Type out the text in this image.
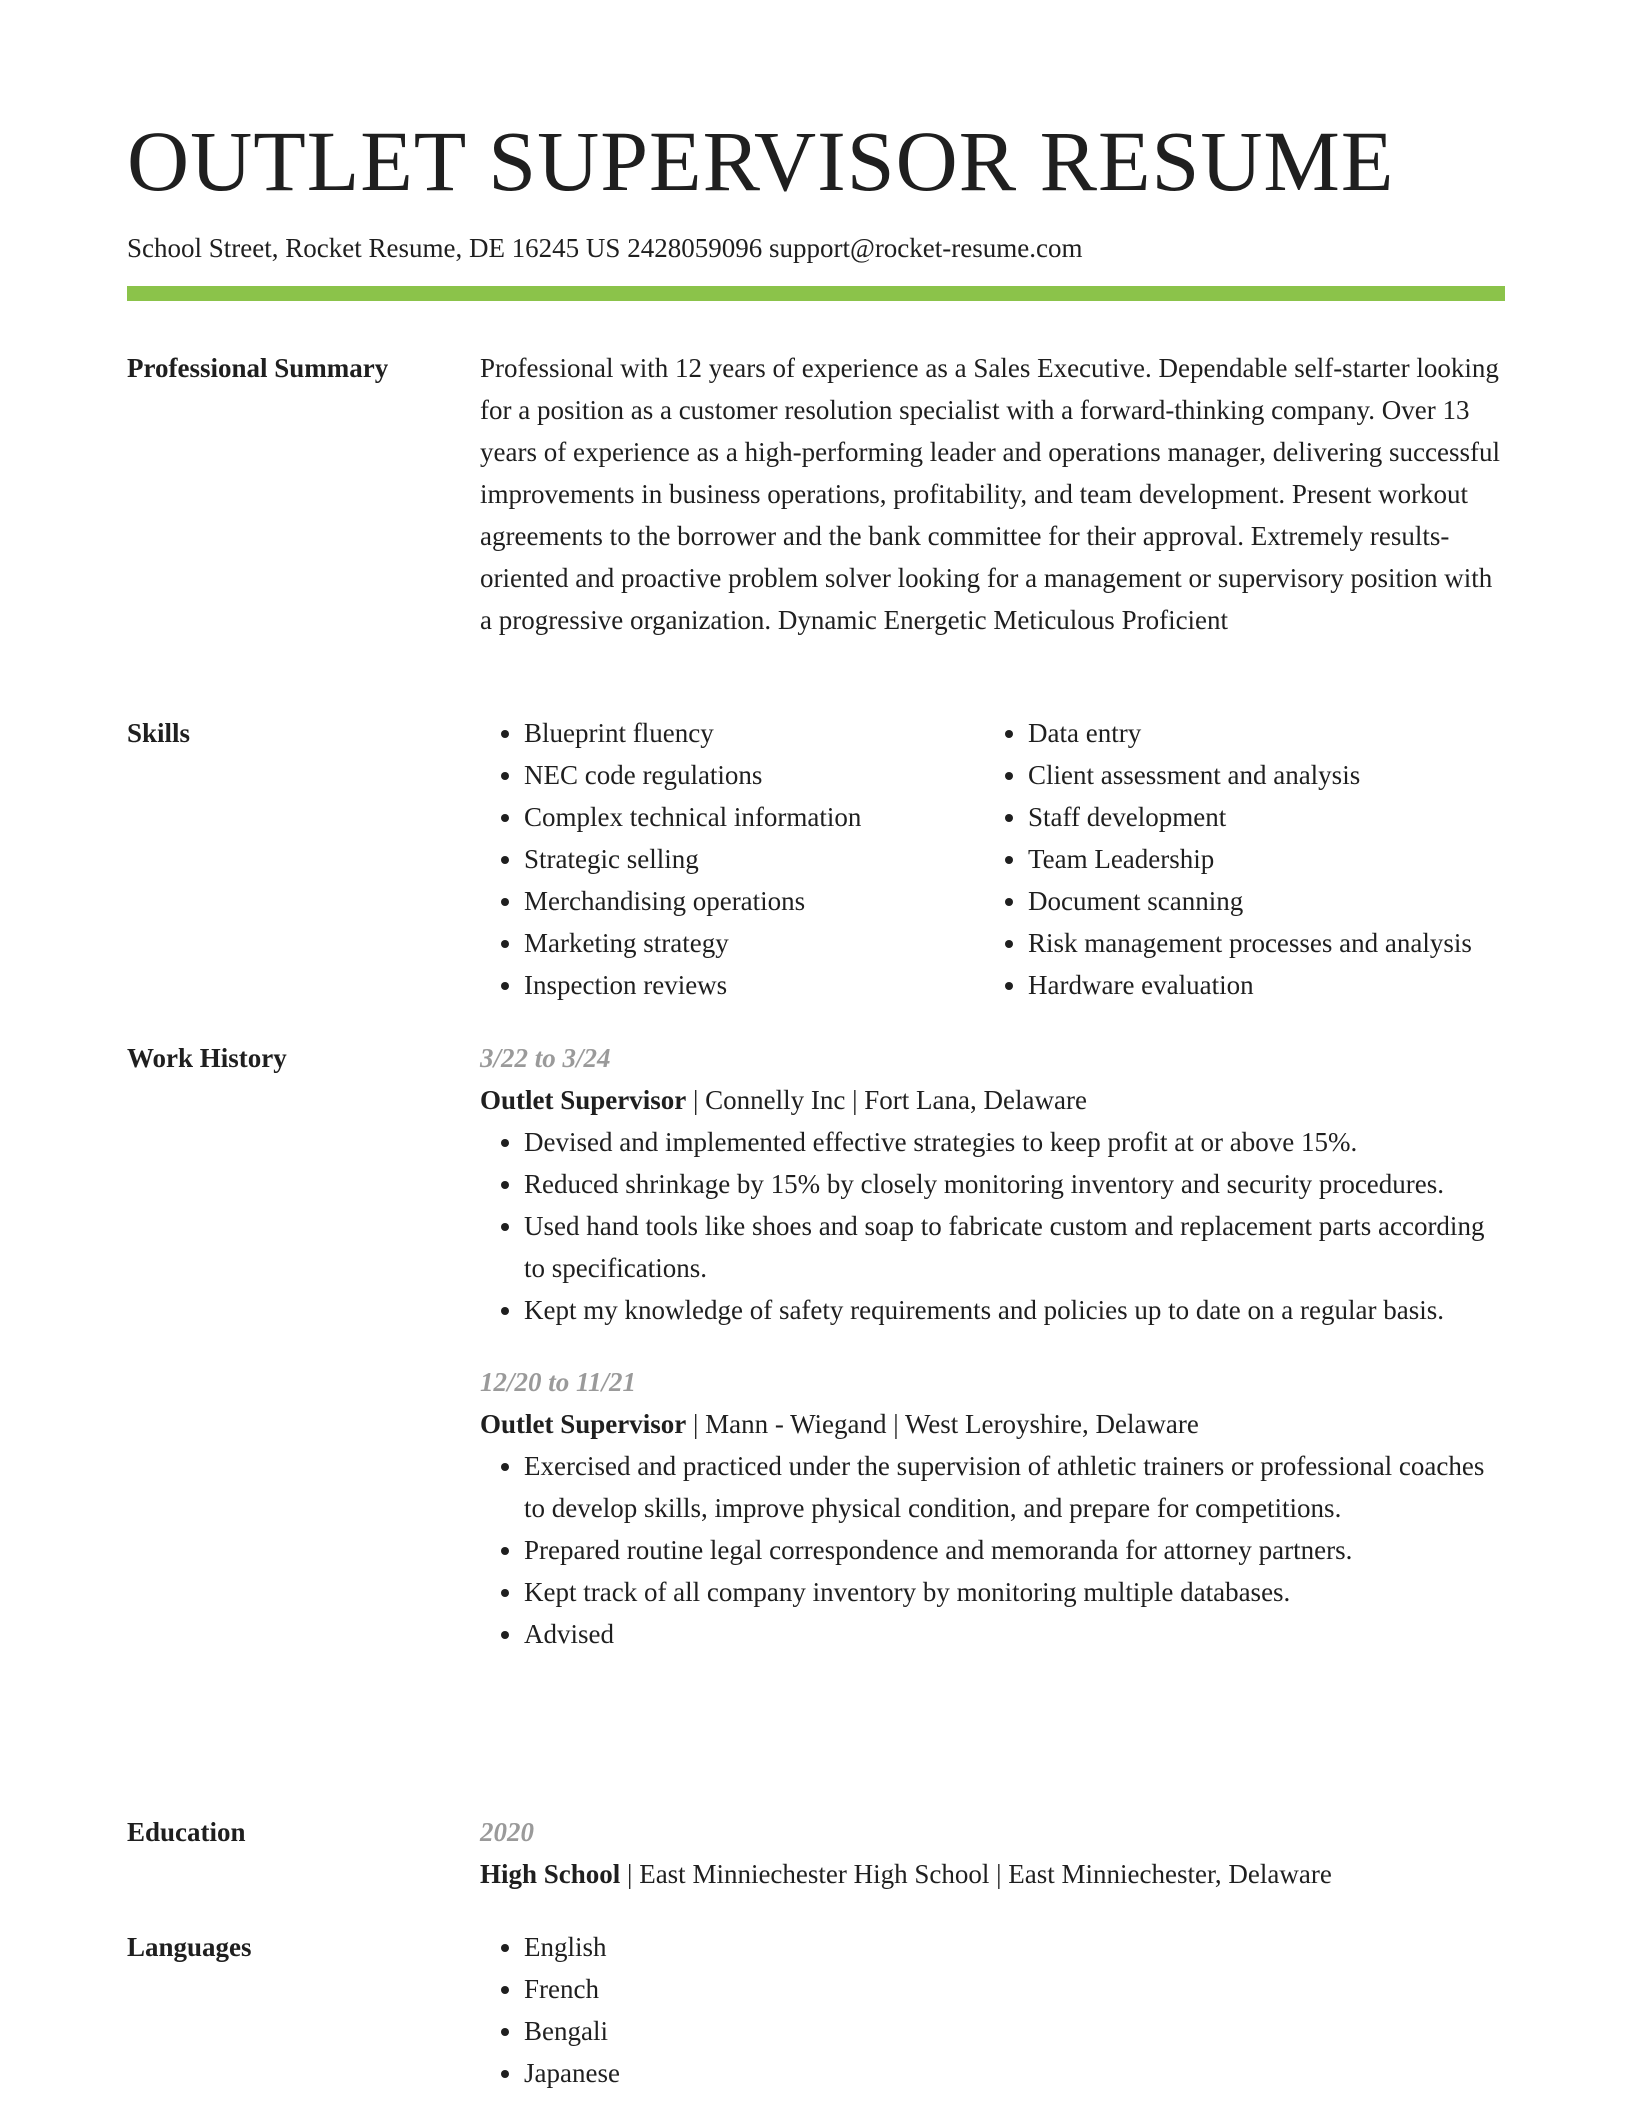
OUTLET SUPERVISOR RESUME
School Street, Rocket Resume, DE 16245 US 2428059096 support@rocket-resume.com
Professional Summary	Professional with 12 years of experience as a Sales Executive. Dependable self-starter looking for a position as a customer resolution specialist with a forward-thinking company. Over 13 years of experience as a high-performing leader and operations manager, delivering successful improvements in business operations, profitability, and team development. Present workout agreements to the borrower and the bank committee for their approval. Extremely results-oriented and proactive problem solver looking for a management or supervisory position with a progressive organization. Dynamic Energetic Meticulous Proficient

Skills	• Blueprint fluency
• NEC code regulations
• Complex technical information
• Strategic selling
• Merchandising operations
• Marketing strategy
• Inspection reviews
• Data entry
• Client assessment and analysis
• Staff development
• Team Leadership
• Document scanning
• Risk management processes and analysis
• Hardware evaluation
Work History	3/22 to 3/24
Outlet Supervisor | Connelly Inc | Fort Lana, Delaware
• Devised and implemented effective strategies to keep profit at or above 15%.
• Reduced shrinkage by 15% by closely monitoring inventory and security procedures.
• Used hand tools like shoes and soap to fabricate custom and replacement parts according to specifications.
• Kept my knowledge of safety requirements and policies up to date on a regular basis.
12/20 to 11/21
Outlet Supervisor | Mann - Wiegand | West Leroyshire, Delaware
• Exercised and practiced under the supervision of athletic trainers or professional coaches to develop skills, improve physical condition, and prepare for competitions.
• Prepared routine legal correspondence and memoranda for attorney partners.
• Kept track of all company inventory by monitoring multiple databases.
• Advised
Education	2020
High School | East Minniechester High School | East Minniechester, Delaware
Languages	• English
• French
• Bengali
• Japanese
